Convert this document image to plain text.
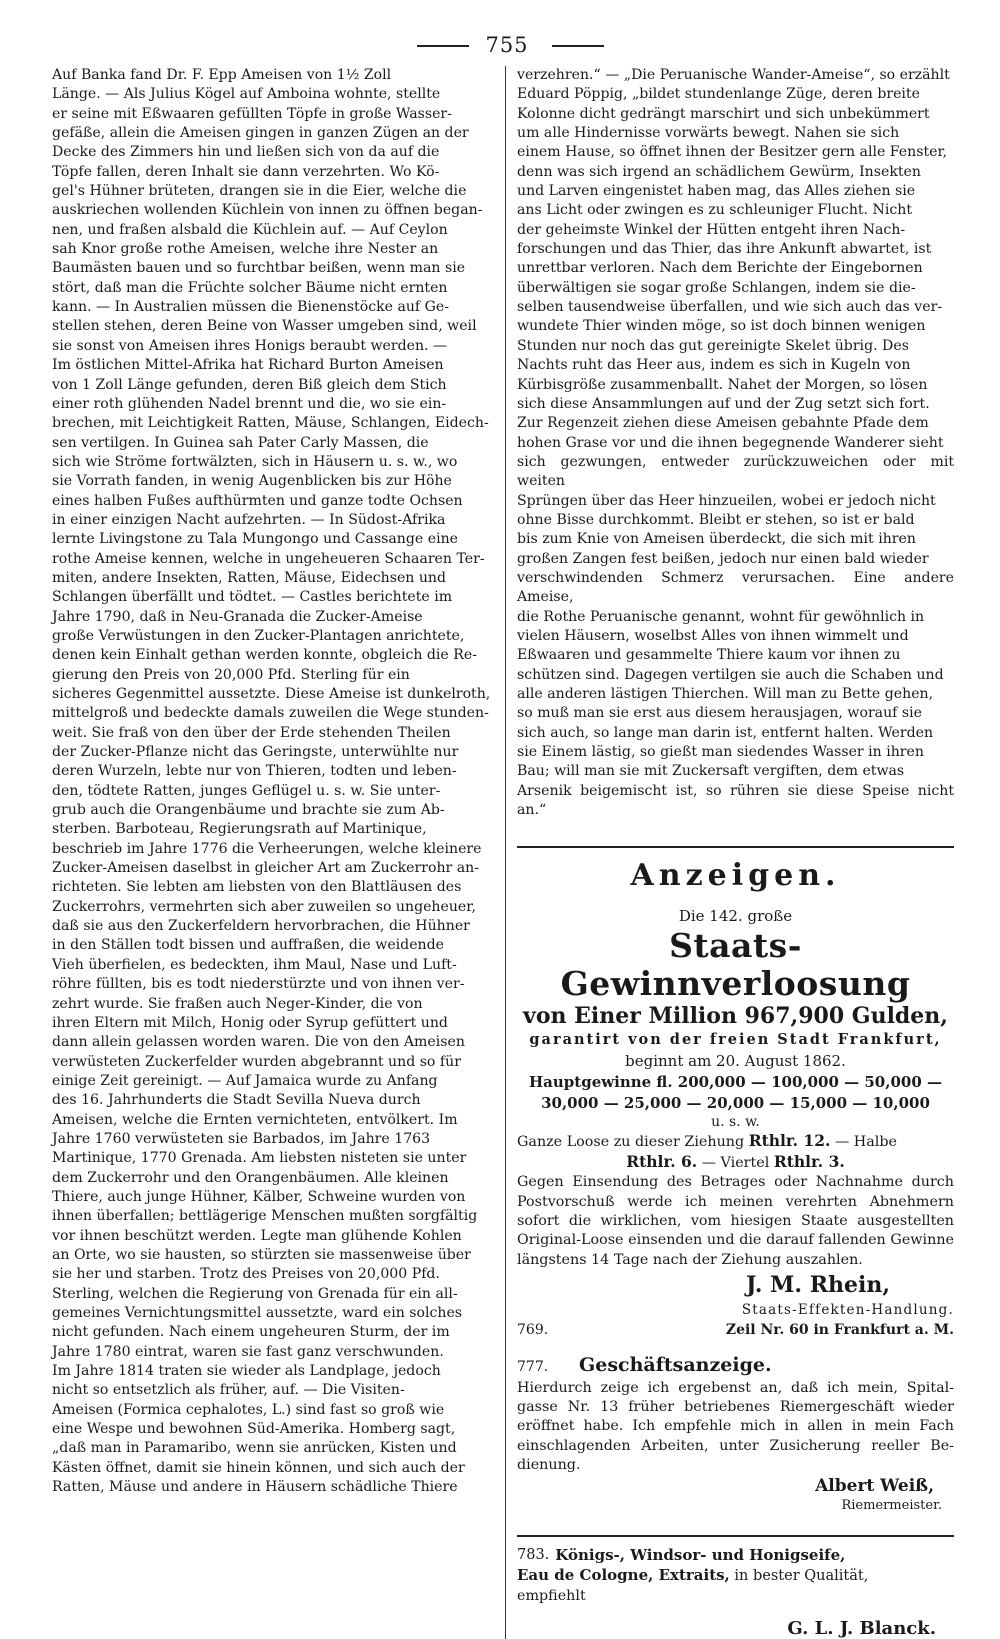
755

Auf Banka fand Dr. F. Epp Ameisen von 1½ Zoll
Länge. — Als Julius Kögel auf Amboina wohnte, stellte
er seine mit Eßwaaren gefüllten Töpfe in große Wasser-
gefäße, allein die Ameisen gingen in ganzen Zügen an der
Decke des Zimmers hin und ließen sich von da auf die
Töpfe fallen, deren Inhalt sie dann verzehrten. Wo Kö-
gel's Hühner brüteten, drangen sie in die Eier, welche die
auskriechen wollenden Küchlein von innen zu öffnen began-
nen, und fraßen alsbald die Küchlein auf. — Auf Ceylon
sah Knor große rothe Ameisen, welche ihre Nester an
Baumästen bauen und so furchtbar beißen, wenn man sie
stört, daß man die Früchte solcher Bäume nicht ernten
kann. — In Australien müssen die Bienenstöcke auf Ge-
stellen stehen, deren Beine von Wasser umgeben sind, weil
sie sonst von Ameisen ihres Honigs beraubt werden. —
Im östlichen Mittel-Afrika hat Richard Burton Ameisen
von 1 Zoll Länge gefunden, deren Biß gleich dem Stich
einer roth glühenden Nadel brennt und die, wo sie ein-
brechen, mit Leichtigkeit Ratten, Mäuse, Schlangen, Eidech-
sen vertilgen. In Guinea sah Pater Carly Massen, die
sich wie Ströme fortwälzten, sich in Häusern u. s. w., wo
sie Vorrath fanden, in wenig Augenblicken bis zur Höhe
eines halben Fußes aufthürmten und ganze todte Ochsen
in einer einzigen Nacht aufzehrten. — In Südost-Afrika
lernte Livingstone zu Tala Mungongo und Cassange eine
rothe Ameise kennen, welche in ungeheueren Schaaren Ter-
miten, andere Insekten, Ratten, Mäuse, Eidechsen und
Schlangen überfällt und tödtet. — Castles berichtete im
Jahre 1790, daß in Neu-Granada die Zucker-Ameise
große Verwüstungen in den Zucker-Plantagen anrichtete,
denen kein Einhalt gethan werden konnte, obgleich die Re-
gierung den Preis von 20,000 Pfd. Sterling für ein
sicheres Gegenmittel aussetzte. Diese Ameise ist dunkelroth,
mittelgroß und bedeckte damals zuweilen die Wege stunden-
weit. Sie fraß von den über der Erde stehenden Theilen
der Zucker-Pflanze nicht das Geringste, unterwühlte nur
deren Wurzeln, lebte nur von Thieren, todten und leben-
den, tödtete Ratten, junges Geflügel u. s. w. Sie unter-
grub auch die Orangenbäume und brachte sie zum Ab-
sterben. Barboteau, Regierungsrath auf Martinique,
beschrieb im Jahre 1776 die Verheerungen, welche kleinere
Zucker-Ameisen daselbst in gleicher Art am Zuckerrohr an-
richteten. Sie lebten am liebsten von den Blattläusen des
Zuckerrohrs, vermehrten sich aber zuweilen so ungeheuer,
daß sie aus den Zuckerfeldern hervorbrachen, die Hühner
in den Ställen todt bissen und auffraßen, die weidende
Vieh überfielen, es bedeckten, ihm Maul, Nase und Luft-
röhre füllten, bis es todt niederstürzte und von ihnen ver-
zehrt wurde. Sie fraßen auch Neger-Kinder, die von
ihren Eltern mit Milch, Honig oder Syrup gefüttert und
dann allein gelassen worden waren. Die von den Ameisen
verwüsteten Zuckerfelder wurden abgebrannt und so für
einige Zeit gereinigt. — Auf Jamaica wurde zu Anfang
des 16. Jahrhunderts die Stadt Sevilla Nueva durch
Ameisen, welche die Ernten vernichteten, entvölkert. Im
Jahre 1760 verwüsteten sie Barbados, im Jahre 1763
Martinique, 1770 Grenada. Am liebsten nisteten sie unter
dem Zuckerrohr und den Orangenbäumen. Alle kleinen
Thiere, auch junge Hühner, Kälber, Schweine wurden von
ihnen überfallen; bettlägerige Menschen mußten sorgfältig
vor ihnen beschützt werden. Legte man glühende Kohlen
an Orte, wo sie hausten, so stürzten sie massenweise über
sie her und starben. Trotz des Preises von 20,000 Pfd.
Sterling, welchen die Regierung von Grenada für ein all-
gemeines Vernichtungsmittel aussetzte, ward ein solches
nicht gefunden. Nach einem ungeheuren Sturm, der im
Jahre 1780 eintrat, waren sie fast ganz verschwunden.
Im Jahre 1814 traten sie wieder als Landplage, jedoch
nicht so entsetzlich als früher, auf. — Die Visiten-
Ameisen (Formica cephalotes, L.) sind fast so groß wie
eine Wespe und bewohnen Süd-Amerika. Homberg sagt,
„daß man in Paramaribo, wenn sie anrücken, Kisten und
Kästen öffnet, damit sie hinein können, und sich auch der
Ratten, Mäuse und andere in Häusern schädliche Thiere

verzehren.“ — „Die Peruanische Wander-Ameise“, so erzählt
Eduard Pöppig, „bildet stundenlange Züge, deren breite
Kolonne dicht gedrängt marschirt und sich unbekümmert
um alle Hindernisse vorwärts bewegt. Nahen sie sich
einem Hause, so öffnet ihnen der Besitzer gern alle Fenster,
denn was sich irgend an schädlichem Gewürm, Insekten
und Larven eingenistet haben mag, das Alles ziehen sie
ans Licht oder zwingen es zu schleuniger Flucht. Nicht
der geheimste Winkel der Hütten entgeht ihren Nach-
forschungen und das Thier, das ihre Ankunft abwartet, ist
unrettbar verloren. Nach dem Berichte der Eingebornen
überwältigen sie sogar große Schlangen, indem sie die-
selben tausendweise überfallen, und wie sich auch das ver-
wundete Thier winden möge, so ist doch binnen wenigen
Stunden nur noch das gut gereinigte Skelet übrig. Des
Nachts ruht das Heer aus, indem es sich in Kugeln von
Kürbisgröße zusammenballt. Nahet der Morgen, so lösen
sich diese Ansammlungen auf und der Zug setzt sich fort.
Zur Regenzeit ziehen diese Ameisen gebahnte Pfade dem
hohen Grase vor und die ihnen begegnende Wanderer sieht
sich gezwungen, entweder zurückzuweichen oder mit weiten
Sprüngen über das Heer hinzueilen, wobei er jedoch nicht
ohne Bisse durchkommt. Bleibt er stehen, so ist er bald
bis zum Knie von Ameisen überdeckt, die sich mit ihren
großen Zangen fest beißen, jedoch nur einen bald wieder
verschwindenden Schmerz verursachen. Eine andere Ameise,
die Rothe Peruanische genannt, wohnt für gewöhnlich in
vielen Häusern, woselbst Alles von ihnen wimmelt und
Eßwaaren und gesammelte Thiere kaum vor ihnen zu
schützen sind. Dagegen vertilgen sie auch die Schaben und
alle anderen lästigen Thierchen. Will man zu Bette gehen,
so muß man sie erst aus diesem herausjagen, worauf sie
sich auch, so lange man darin ist, entfernt halten. Werden
sie Einem lästig, so gießt man siedendes Wasser in ihren
Bau; will man sie mit Zuckersaft vergiften, dem etwas
Arsenik beigemischt ist, so rühren sie diese Speise nicht an.“

Anzeigen.
Die 142. große
Staats-Gewinnverloosung
von Einer Million 967,900 Gulden,
garantirt von der freien Stadt Frankfurt,
beginnt am 20. August 1862.
Hauptgewinne fl. 200,000 — 100,000 — 50,000 —
30,000 — 25,000 — 20,000 — 15,000 — 10,000
u. s. w.
Ganze Loose zu dieser Ziehung Rthlr. 12. — Halbe
Rthlr. 6. — Viertel Rthlr. 3.
Gegen Einsendung des Betrages oder Nachnahme durch Postvorschuß werde ich meinen verehrten Abnehmern sofort die wirklichen, vom hiesigen Staate ausgestellten Original-Loose einsenden und die darauf fallenden Gewinne längstens 14 Tage nach der Ziehung auszahlen.
J. M. Rhein,
Staats-Effekten-Handlung.
769.	Zeil Nr. 60 in Frankfurt a. M.
777.	Geschäftsanzeige.
Hierdurch zeige ich ergebenst an, daß ich mein, Spital-gasse Nr. 13 früher betriebenes Riemergeschäft wieder eröffnet habe. Ich empfehle mich in allen in mein Fach einschlagenden Arbeiten, unter Zusicherung reeller Be-dienung.
Albert Weiß,
Riemermeister.
783. Königs-, Windsor- und Honigseife,
Eau de Cologne, Extraits, in bester Qualität,
empfiehlt
G. L. J. Blanck.
